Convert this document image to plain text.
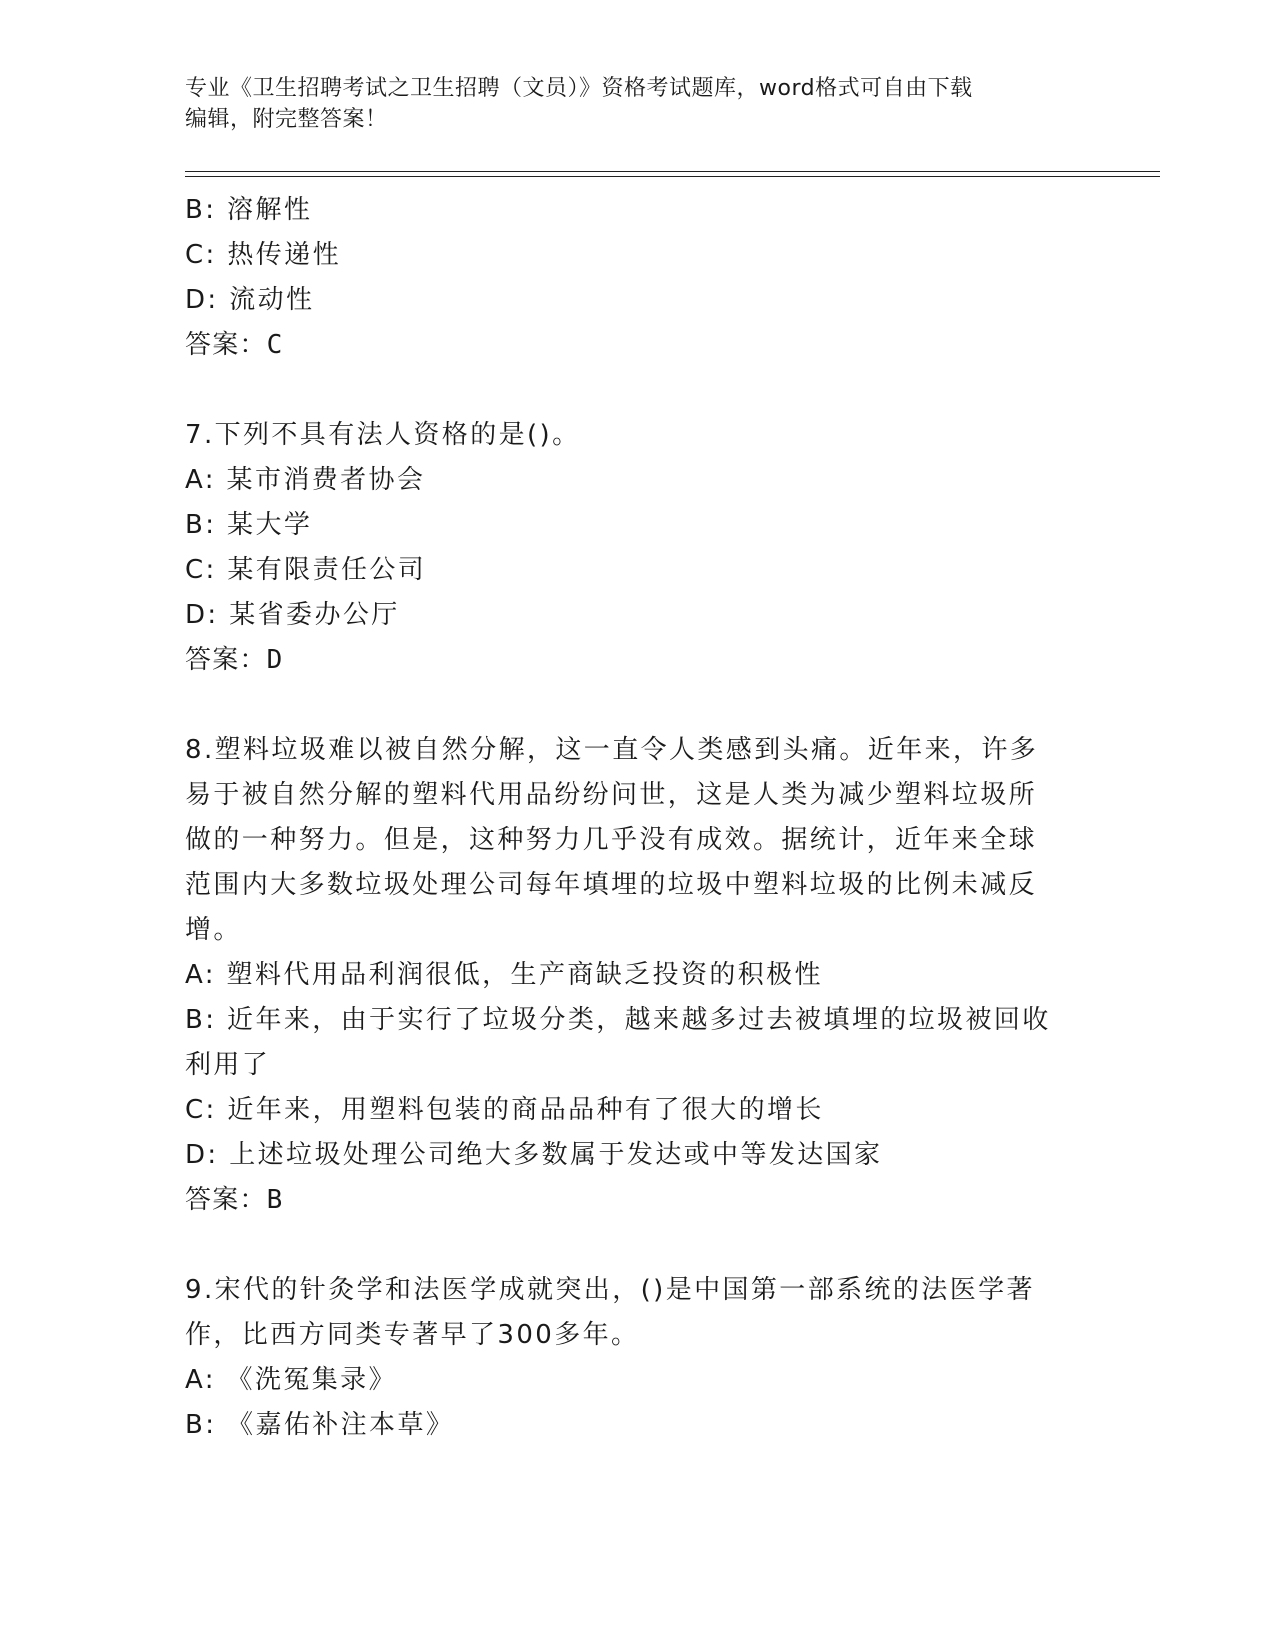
专业《卫生招聘考试之卫生招聘（文员）》资格考试题库，word格式可自由下载
编辑，附完整答案！
B: 溶解性
C: 热传递性
D: 流动性
答案：C
7.下列不具有法人资格的是()。
A: 某市消费者协会
B: 某大学
C: 某有限责任公司
D: 某省委办公厅
答案：D
8.塑料垃圾难以被自然分解，这一直令人类感到头痛。近年来，许多
易于被自然分解的塑料代用品纷纷问世，这是人类为减少塑料垃圾所
做的一种努力。但是，这种努力几乎没有成效。据统计，近年来全球
范围内大多数垃圾处理公司每年填埋的垃圾中塑料垃圾的比例未减反
增。
A: 塑料代用品利润很低，生产商缺乏投资的积极性
B: 近年来，由于实行了垃圾分类，越来越多过去被填埋的垃圾被回收
利用了
C: 近年来，用塑料包装的商品品种有了很大的增长
D: 上述垃圾处理公司绝大多数属于发达或中等发达国家
答案：B
9.宋代的针灸学和法医学成就突出，()是中国第一部系统的法医学著
作，比西方同类专著早了300多年。
A: 《洗冤集录》
B: 《嘉佑补注本草》
